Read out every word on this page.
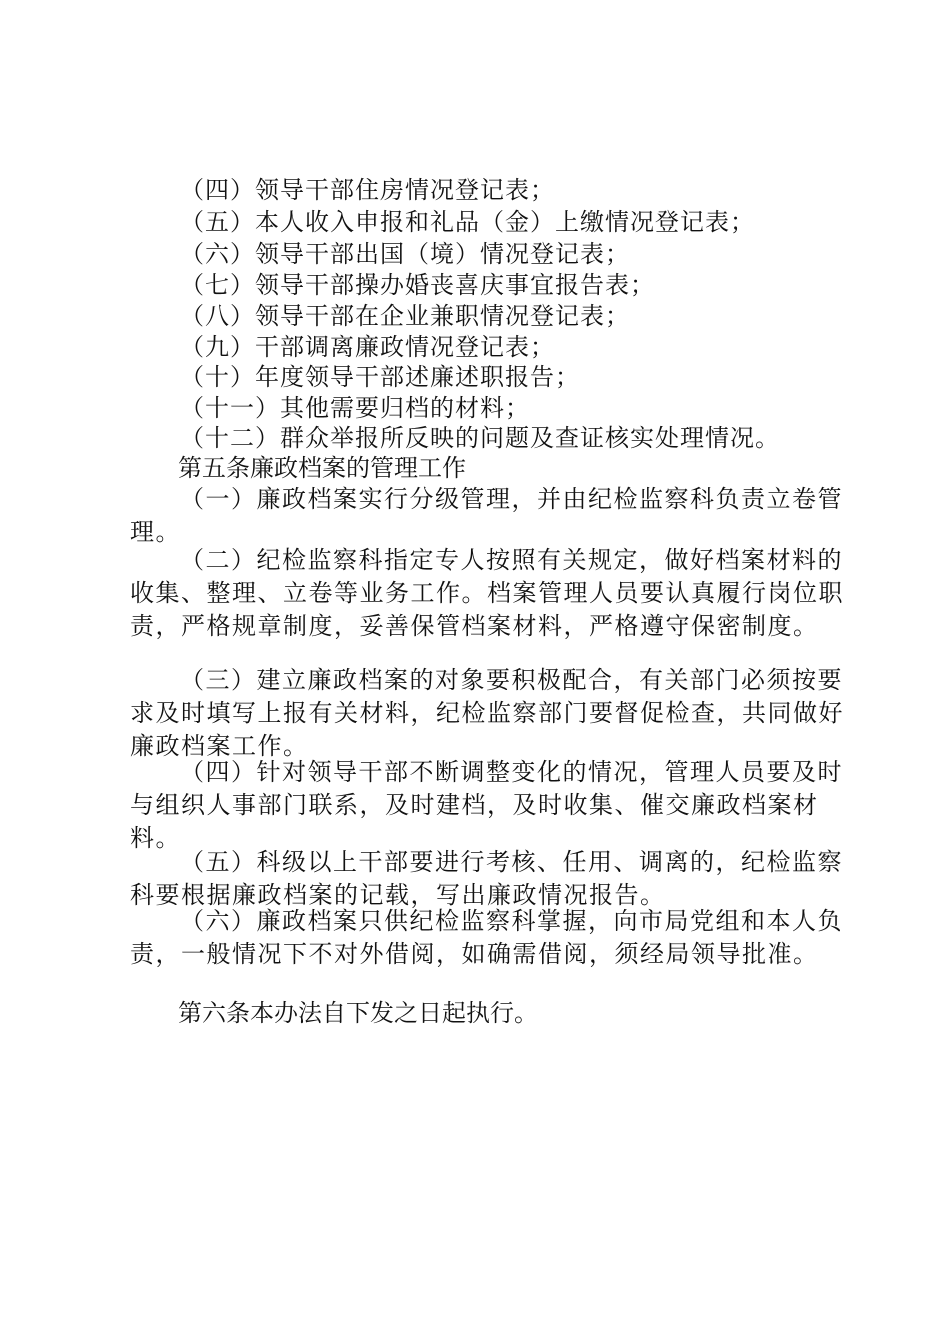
（四）领导干部住房情况登记表；
（五）本人收入申报和礼品（金）上缴情况登记表；
（六）领导干部出国（境）情况登记表；
（七）领导干部操办婚丧喜庆事宜报告表；
（八）领导干部在企业兼职情况登记表；
（九）干部调离廉政情况登记表；
（十）年度领导干部述廉述职报告；
（十一）其他需要归档的材料；
（十二）群众举报所反映的问题及查证核实处理情况。
第五条廉政档案的管理工作

（一）廉政档案实行分级管理，并由纪检监察科负责立卷管理。

（二）纪检监察科指定专人按照有关规定，做好档案材料的收集、整理、立卷等业务工作。档案管理人员要认真履行岗位职责，严格规章制度，妥善保管档案材料，严格遵守保密制度。

（三）建立廉政档案的对象要积极配合，有关部门必须按要求及时填写上报有关材料，纪检监察部门要督促检查，共同做好廉政档案工作。

（四）针对领导干部不断调整变化的情况，管理人员要及时与组织人事部门联系，及时建档，及时收集、催交廉政档案材料。

（五）科级以上干部要进行考核、任用、调离的，纪检监察科要根据廉政档案的记载，写出廉政情况报告。

（六）廉政档案只供纪检监察科掌握，向市局党组和本人负责，一般情况下不对外借阅，如确需借阅，须经局领导批准。

第六条本办法自下发之日起执行。
